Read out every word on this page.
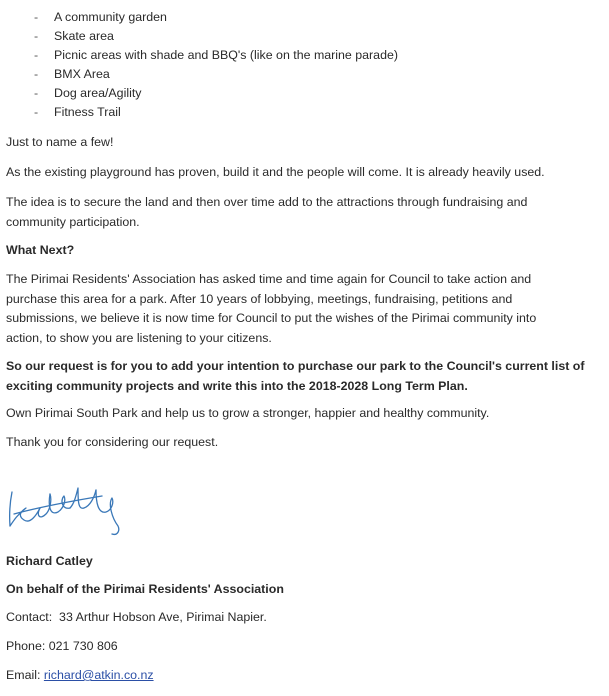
- A community garden
- Skate area
- Picnic areas with shade and BBQ's (like on the marine parade)
- BMX Area
- Dog area/Agility
- Fitness Trail

Just to name a few!

As the existing playground has proven, build it and the people will come. It is already heavily used.

The idea is to secure the land and then over time add to the attractions through fundraising and
community participation.

What Next?

The Pirimai Residents' Association has asked time and time again for Council to take action and
purchase this area for a park. After 10 years of lobbying, meetings, fundraising, petitions and
submissions, we believe it is now time for Council to put the wishes of the Pirimai community into
action, to show you are listening to your citizens.

So our request is for you to add your intention to purchase our park to the Council's current list of
exciting community projects and write this into the 2018-2028 Long Term Plan.

Own Pirimai South Park and help us to grow a stronger, happier and healthy community.

Thank you for considering our request.

Richard Catley

On behalf of the Pirimai Residents' Association

Contact: 33 Arthur Hobson Ave, Pirimai Napier.

Phone: 021 730 806

Email: richard@atkin.co.nz
